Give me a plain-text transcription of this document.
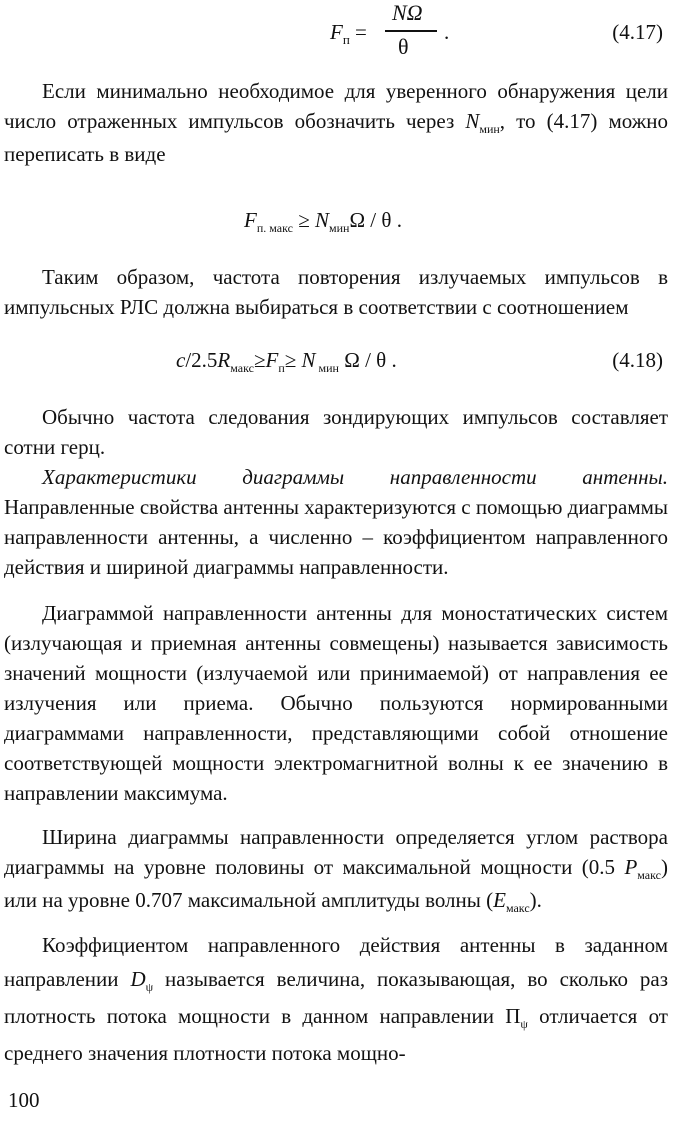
$F_п$ =
NΩ
θ
.	(4.17)

Если минимально необходимое для уверенного обнаружения цели число отраженных импульсов обозначить через $N_{мин}$, то (4.17) можно переписать в виде

$F_{п. макс} \ge N_{мин}\Omega / \theta$ .

Таким образом, частота повторения излучаемых импульсов в импульсных РЛС должна выбираться в соответствии с соотношением

$c/2.5R_{макс}\ge F_п\ge N$ $_{мин}$ Ω / θ .	(4.18)

Обычно частота следования зондирующих импульсов составляет сотни герц.

Характеристики диаграммы направленности антенны. Направленные свойства антенны характеризуются с помощью диаграммы направленности антенны, а численно – коэффициентом направленного действия и шириной диаграммы направленности.

Диаграммой направленности антенны для моностатических систем (излучающая и приемная антенны совмещены) называется зависимость значений мощности (излучаемой или принимаемой) от направления ее излучения или приема. Обычно пользуются нормированными диаграммами направленности, представляющими собой отношение соответствующей мощности электромагнитной волны к ее значению в направлении максимума.

Ширина диаграммы направленности определяется углом раствора диаграммы на уровне половины от максимальной мощности (0.5 $P_{макс}$) или на уровне 0.707 максимальной амплитуды волны $(E_{макс})$.

Коэффициентом направленного действия антенны в заданном направлении $D_\psi$ называется величина, показывающая, во сколько раз плотность потока мощности в данном направлении $\Pi_\psi$ отличается от среднего значения плотности потока мощно-

100
